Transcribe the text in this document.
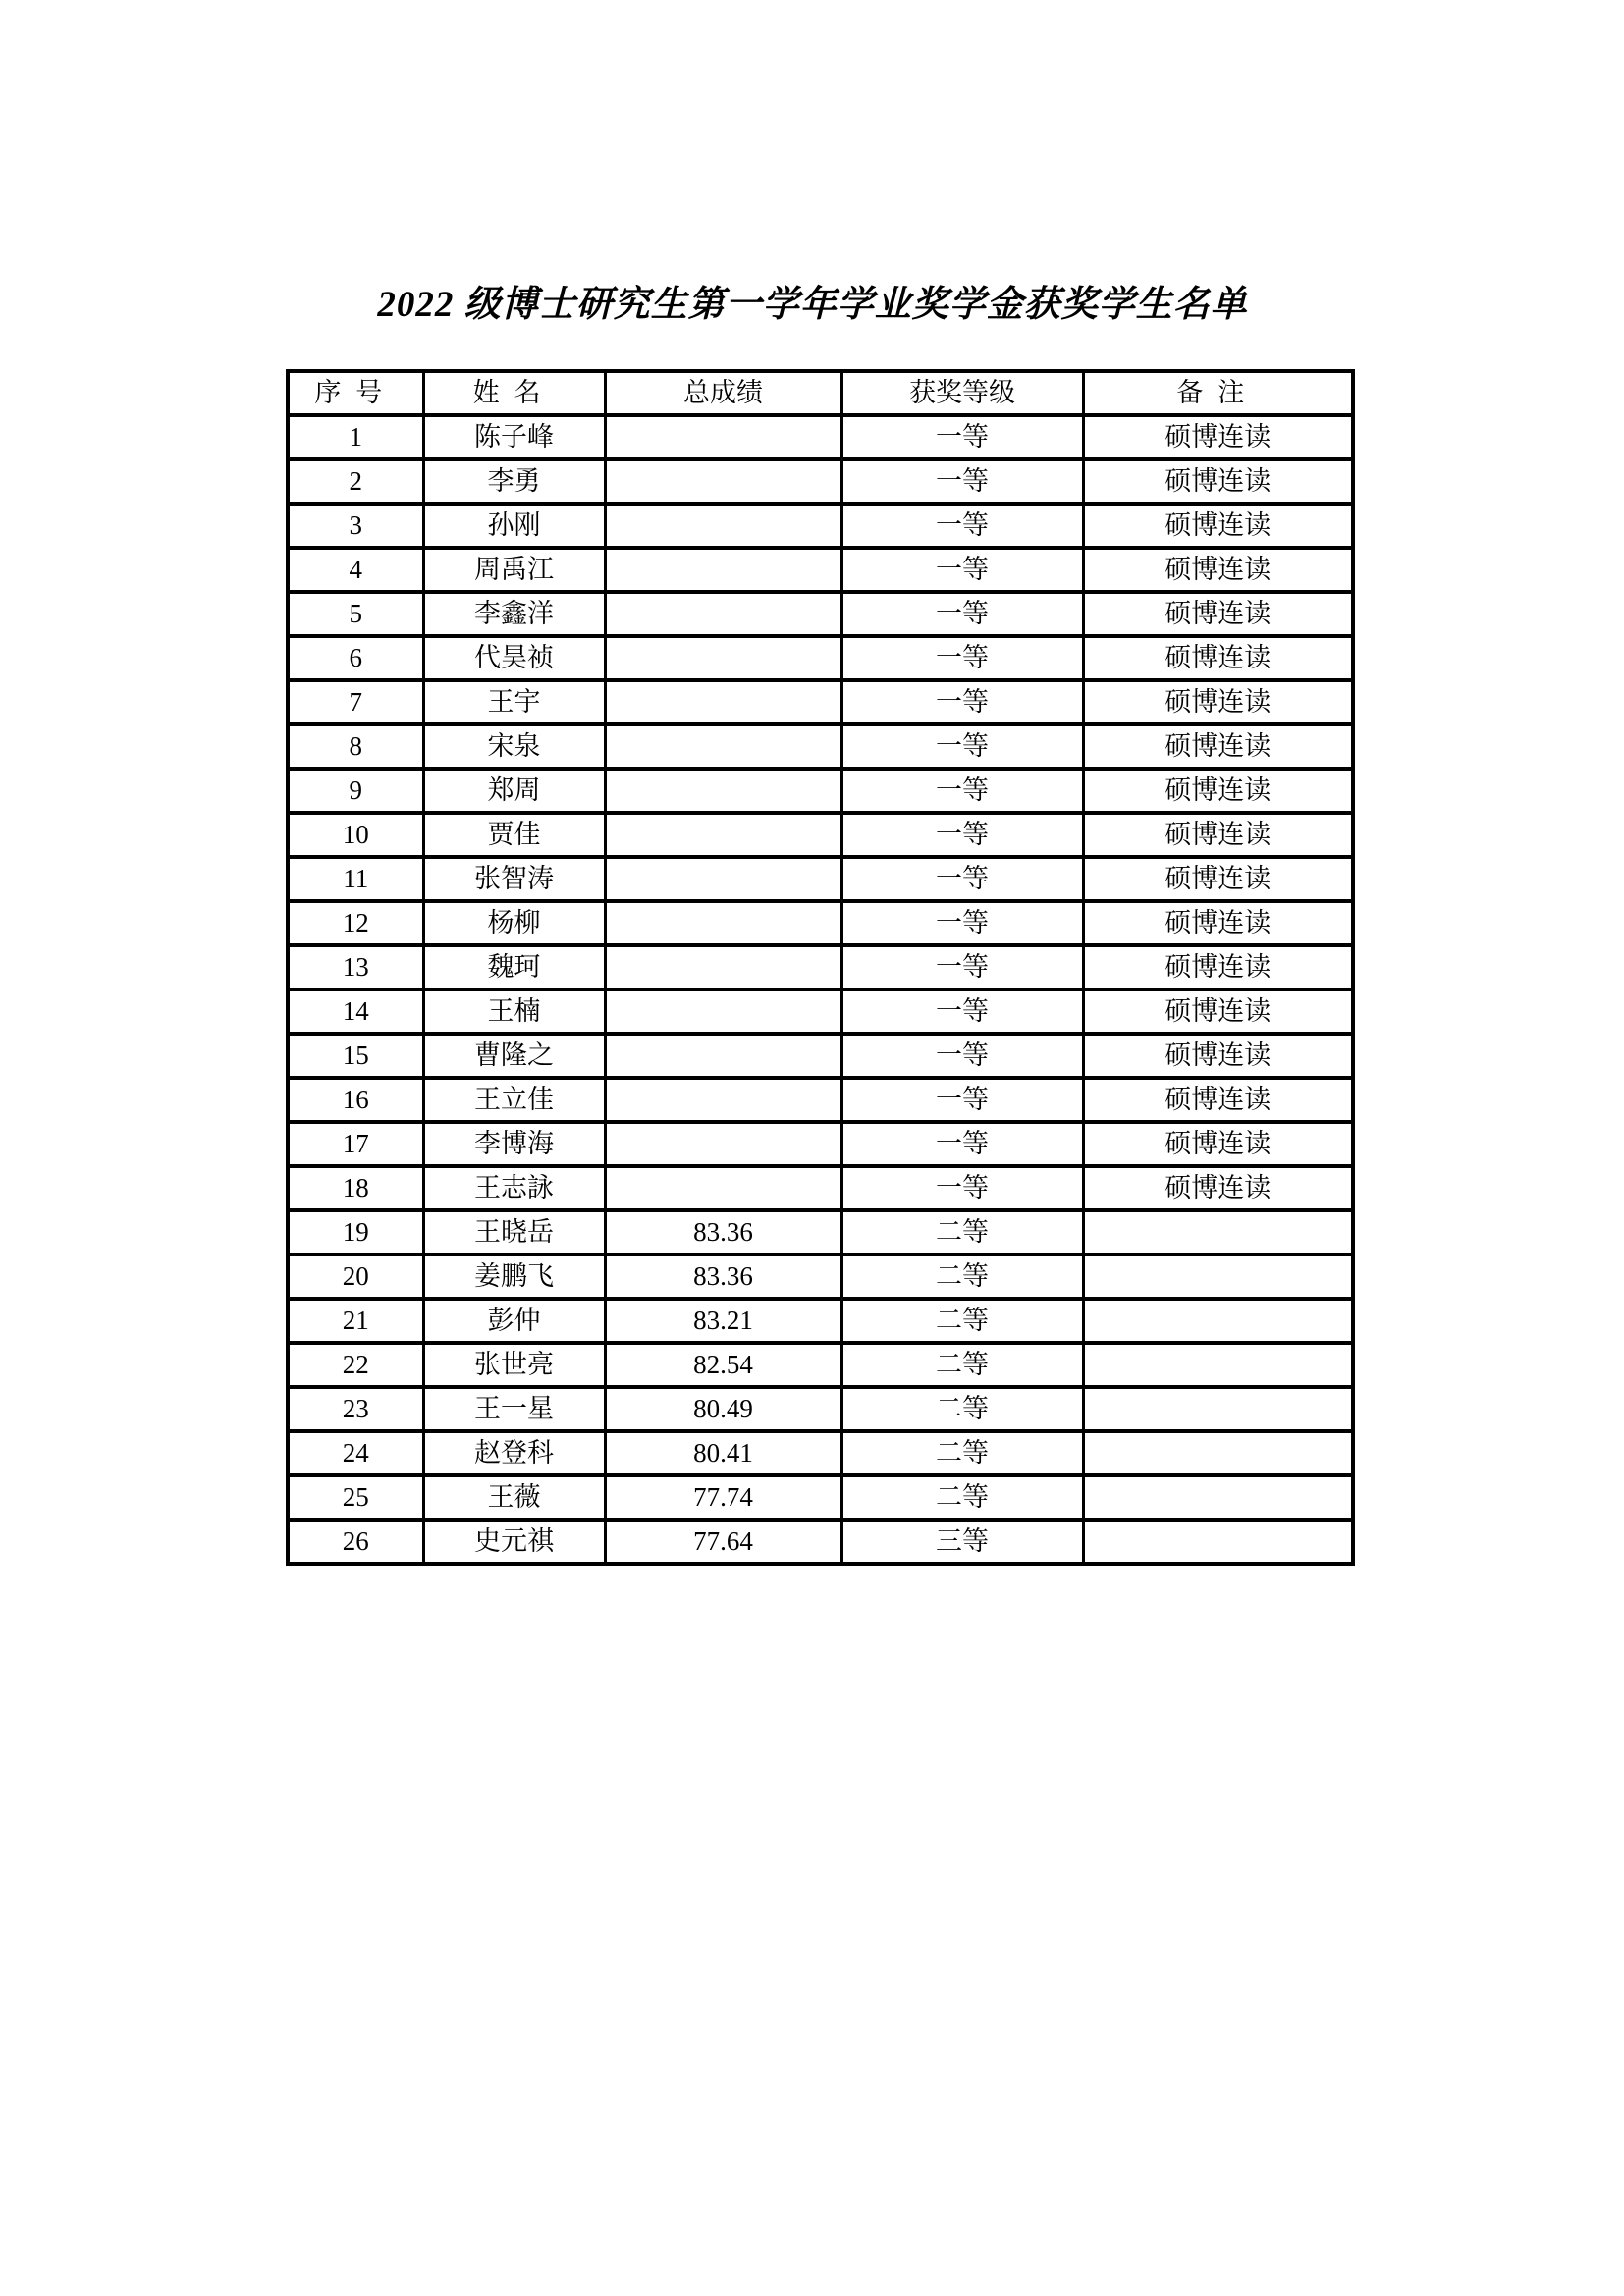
2022 级博士研究生第一学年学业奖学金获奖学生名单
序号	姓名	总成绩	获奖等级	备注
1	陈子峰		一等	硕博连读
2	李勇		一等	硕博连读
3	孙刚		一等	硕博连读
4	周禹江		一等	硕博连读
5	李鑫洋		一等	硕博连读
6	代昊祯		一等	硕博连读
7	王宇		一等	硕博连读
8	宋泉		一等	硕博连读
9	郑周		一等	硕博连读
10	贾佳		一等	硕博连读
11	张智涛		一等	硕博连读
12	杨柳		一等	硕博连读
13	魏珂		一等	硕博连读
14	王楠		一等	硕博连读
15	曹隆之		一等	硕博连读
16	王立佳		一等	硕博连读
17	李博海		一等	硕博连读
18	王志詠		一等	硕博连读
19	王晓岳	83.36	二等	
20	姜鹏飞	83.36	二等	
21	彭仲	83.21	二等	
22	张世亮	82.54	二等	
23	王一星	80.49	二等	
24	赵登科	80.41	二等	
25	王薇	77.74	二等	
26	史元祺	77.64	三等	
